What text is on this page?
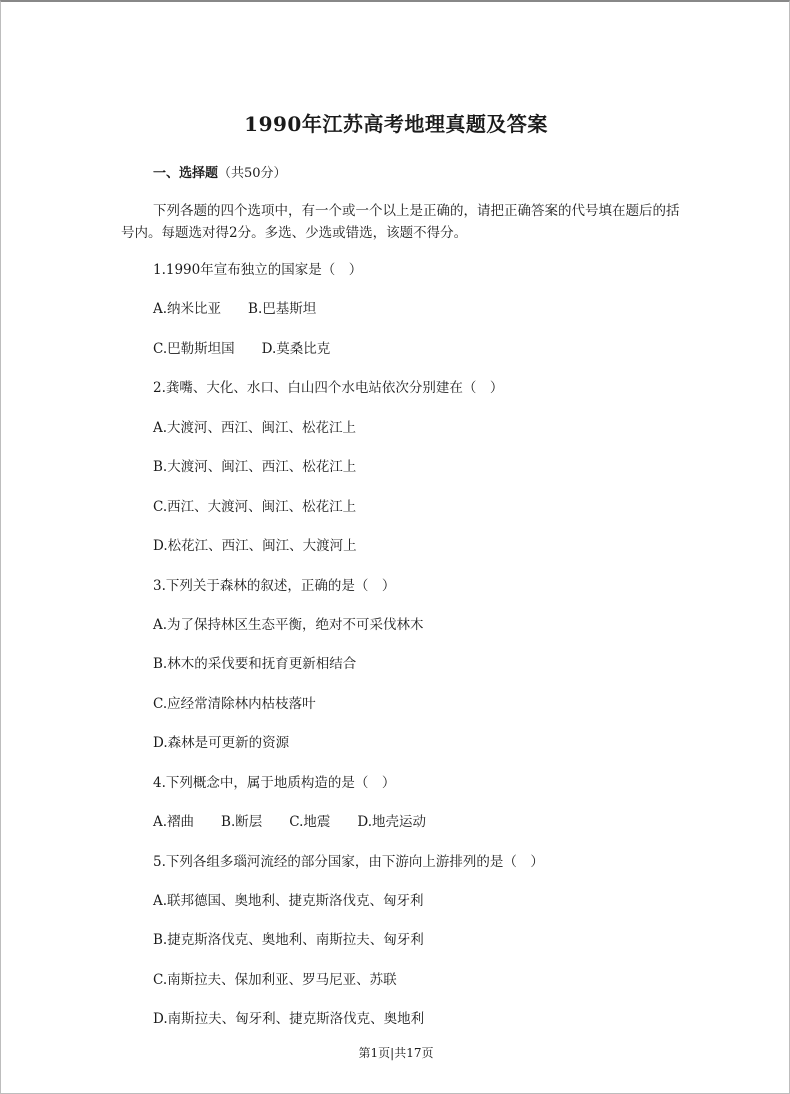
1990年江苏高考地理真题及答案
一、选择题（共50分）
下列各题的四个选项中，有一个或一个以上是正确的，请把正确答案的代号填在题后的括号内。每题选对得2分。多选、少选或错选，该题不得分。
1.1990年宣布独立的国家是（　）
A.纳米比亚　　B.巴基斯坦
C.巴勒斯坦国　　D.莫桑比克
2.龚嘴、大化、水口、白山四个水电站依次分别建在（　）
A.大渡河、西江、闽江、松花江上
B.大渡河、闽江、西江、松花江上
C.西江、大渡河、闽江、松花江上
D.松花江、西江、闽江、大渡河上
3.下列关于森林的叙述，正确的是（　）
A.为了保持林区生态平衡，绝对不可采伐林木
B.林木的采伐要和抚育更新相结合
C.应经常清除林内枯枝落叶
D.森林是可更新的资源
4.下列概念中，属于地质构造的是（　）
A.褶曲　　B.断层　　C.地震　　D.地壳运动
5.下列各组多瑙河流经的部分国家，由下游向上游排列的是（　）
A.联邦德国、奥地利、捷克斯洛伐克、匈牙利
B.捷克斯洛伐克、奥地利、南斯拉夫、匈牙利
C.南斯拉夫、保加利亚、罗马尼亚、苏联
D.南斯拉夫、匈牙利、捷克斯洛伐克、奥地利
第1页|共17页
